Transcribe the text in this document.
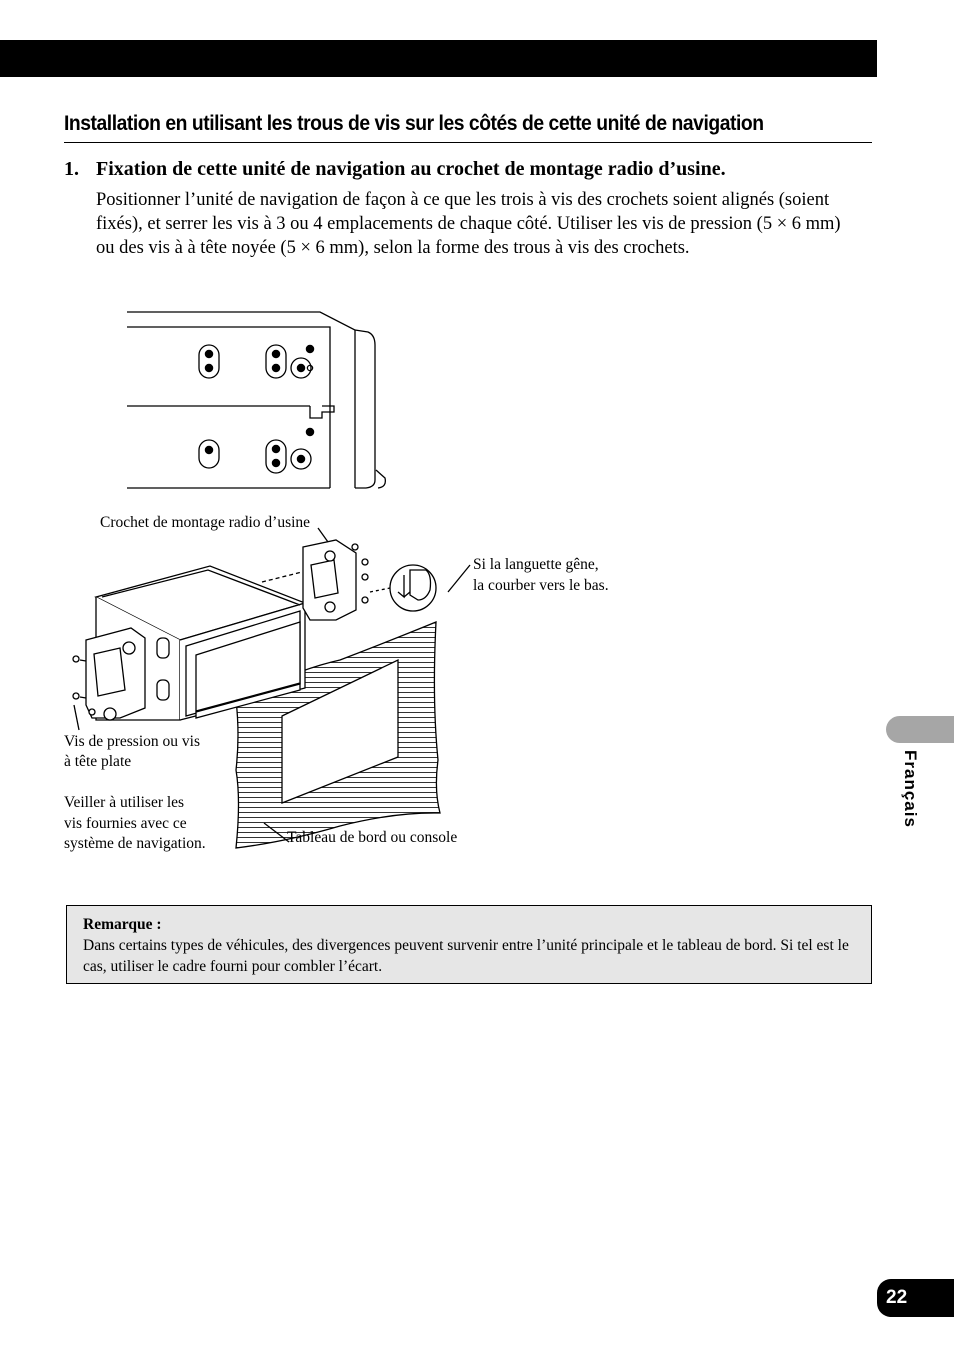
Installation en utilisant les trous de vis sur les côtés de cette unité de navigation
1. Fixation de cette unité de navigation au crochet de montage radio d’usine.
Positionner l’unité de navigation de façon à ce que les trois à vis des crochets soient alignés (soient fixés), et serrer les vis à 3 ou 4 emplacements de chaque côté. Utiliser les vis de pression (5 × 6 mm) ou des vis à à tête noyée (5 × 6 mm), selon la forme des trous à vis des crochets.
Crochet de montage radio d’usine
Si la languette gêne,
la courber vers le bas.
Vis de pression ou vis
à tête plate
Veiller à utiliser les
vis fournies avec ce
système de navigation.	Tableau de bord ou console
Remarque :
Dans certains types de véhicules, des divergences peuvent survenir entre l’unité principale et le tableau de bord. Si tel est le cas, utiliser le cadre fourni pour combler l’écart.
Français
22
